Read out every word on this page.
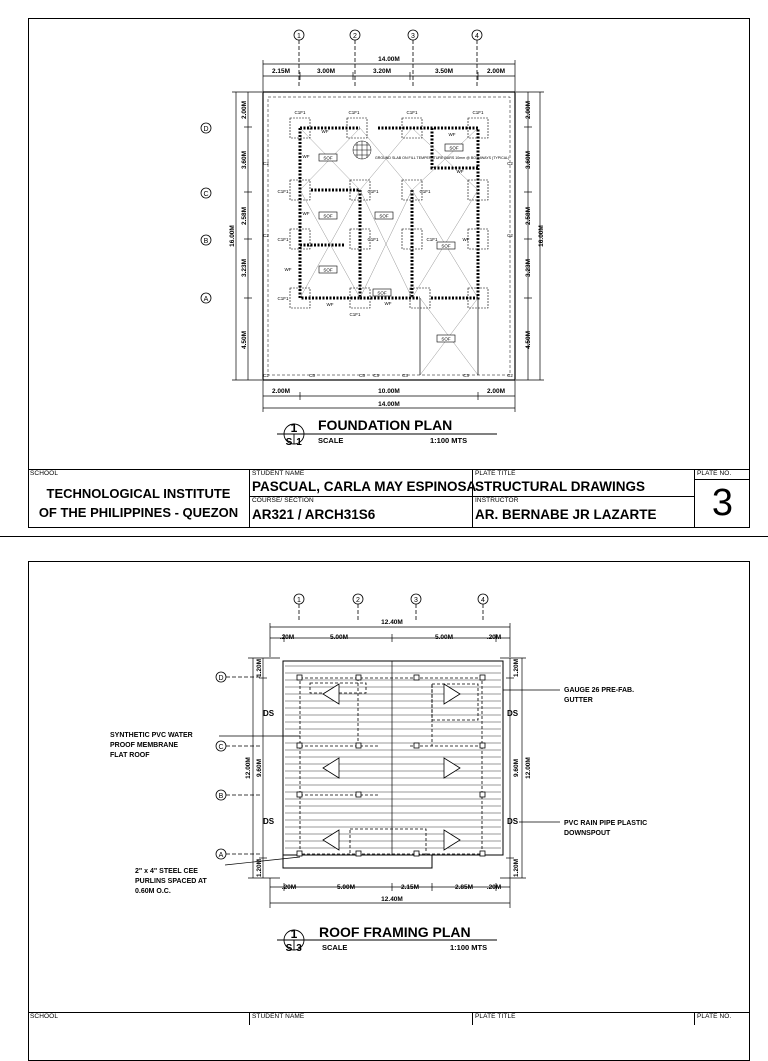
1	2	3	4
14.00M
2.15M	3.00M	3.20M	3.50M	2.00M
D
C
B
A
2.00M
3.60M
2.58M
3.23M
4.50M
16.00M
2.00M
3.60M
2.58M
3.23M
4.50M
16.00M
SOF
SOF	SOF
SOF
SOF
SOF
SOF
SOF
C1F1	C1F1	C1F1	C1F1
C1F1	C1F1	C1F1
C1F1	C1F1	C1F1
C1F1
C1F1
WF
WF
WF
WF
WF
WF
WF
WF
WF
C2
C2
C2
C2
C2
C2
C3	C3 C3	C3	C3
GROUND SLAB ON FILL TEMPERATURE BARS 10mm @ BOTHWAYS (TYPICAL)
2.00M	10.00M	2.00M
14.00M
1
S 1
FOUNDATION PLAN
SCALE	1:100 MTS
SCHOOL
TECHNOLOGICAL INSTITUTE
OF THE PHILIPPINES - QUEZON
STUDENT NAME
PASCUAL, CARLA MAY ESPINOSA
COURSE/ SECTION
AR321 / ARCH31S6
PLATE TITLE
STRUCTURAL DRAWINGS
INSTRUCTOR
AR. BERNABE JR LAZARTE
PLATE NO.
3
1	2	3	4
12.40M
.20M	5.00M	5.00M	.20M
D
C
B
A
1.20M
9.60M
1.20M
12.00M
1.20M
9.60M
1.20M
12.00M
DS	DS
DS	DS
GAUGE 26 PRE-FAB.
GUTTER
SYNTHETIC PVC WATER
PROOF MEMBRANE
FLAT ROOF
PVC RAIN PIPE PLASTIC
DOWNSPOUT
2" x 4" STEEL CEE
PURLINS SPACED AT
0.60M O.C.
.20M	5.00M	2.15M	2.85M .20M
12.40M
1
S 3
ROOF FRAMING PLAN
SCALE	1:100 MTS
SCHOOL	STUDENT NAME	PLATE TITLE	PLATE NO.
